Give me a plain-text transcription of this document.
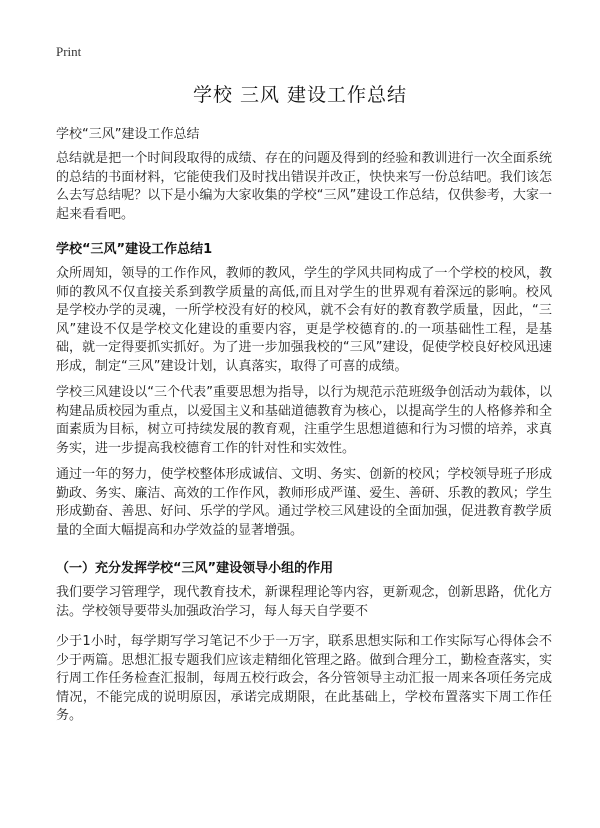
Print
学校 三风 建设工作总结
学校“三风”建设工作总结

总结就是把一个时间段取得的成绩、存在的问题及得到的经验和教训进行一次全面系统的总结的书面材料，它能使我们及时找出错误并改正，快快来写一份总结吧。我们该怎么去写总结呢？以下是小编为大家收集的学校“三风”建设工作总结，仅供参考，大家一起来看看吧。

学校“三风”建设工作总结1

众所周知，领导的工作作风，教师的教风，学生的学风共同构成了一个学校的校风，教师的教风不仅直接关系到教学质量的高低,而且对学生的世界观有着深远的影响。校风是学校办学的灵魂，一所学校没有好的校风，就不会有好的教育教学质量，因此，“三风”建设不仅是学校文化建设的重要内容，更是学校德育的.的一项基础性工程，是基础，就一定得要抓实抓好。为了进一步加强我校的“三风”建设，促使学校良好校风迅速形成，制定“三风”建设计划，认真落实，取得了可喜的成绩。

学校三风建设以“三个代表”重要思想为指导，以行为规范示范班级争创活动为载体，以构建品质校园为重点，以爱国主义和基础道德教育为核心，以提高学生的人格修养和全面素质为目标，树立可持续发展的教育观，注重学生思想道德和行为习惯的培养，求真务实，进一步提高我校德育工作的针对性和实效性。

通过一年的努力，使学校整体形成诚信、文明、务实、创新的校风；学校领导班子形成勤政、务实、廉洁、高效的工作作风，教师形成严谨、爱生、善研、乐教的教风；学生形成勤奋、善思、好问、乐学的学风。通过学校三风建设的全面加强，促进教育教学质量的全面大幅提高和办学效益的显著增强。

（一）充分发挥学校“三风”建设领导小组的作用

我们要学习管理学，现代教育技术，新课程理论等内容，更新观念，创新思路，优化方法。学校领导要带头加强政治学习，每人每天自学要不

少于1小时，每学期写学习笔记不少于一万字，联系思想实际和工作实际写心得体会不少于两篇。思想汇报专题我们应该走精细化管理之路。做到合理分工，勤检查落实，实行周工作任务检查汇报制，每周五校行政会，各分管领导主动汇报一周来各项任务完成情况，不能完成的说明原因，承诺完成期限，在此基础上，学校布置落实下周工作任务。
